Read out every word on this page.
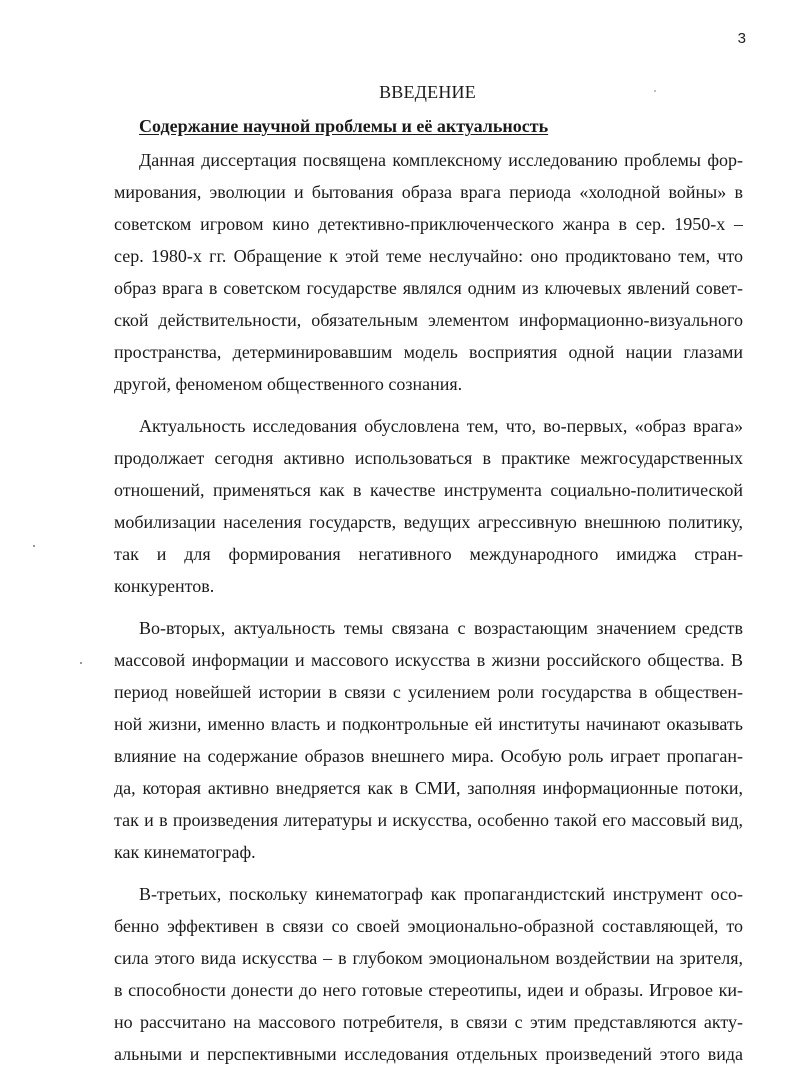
3
ВВЕДЕНИЕ
Содержание научной проблемы и её актуальность
Данная диссертация посвящена комплексному исследованию проблемы фор-
мирования, эволюции и бытования образа врага периода «холодной войны» в
советском игровом кино детективно-приключенческого жанра в сер. 1950-х –
сер. 1980-х гг. Обращение к этой теме неслучайно: оно продиктовано тем, что
образ врага в советском государстве являлся одним из ключевых явлений совет-
ской действительности, обязательным элементом информационно-визуального
пространства, детерминировавшим модель восприятия одной нации глазами
другой, феноменом общественного сознания.
Актуальность исследования обусловлена тем, что, во-первых, «образ врага»
продолжает сегодня активно использоваться в практике межгосударственных
отношений, применяться как в качестве инструмента социально-политической
мобилизации населения государств, ведущих агрессивную внешнюю политику,
так и для формирования негативного международного имиджа стран-
конкурентов.
Во-вторых, актуальность темы связана с возрастающим значением средств
массовой информации и массового искусства в жизни российского общества. В
период новейшей истории в связи с усилением роли государства в обществен-
ной жизни, именно власть и подконтрольные ей институты начинают оказывать
влияние на содержание образов внешнего мира. Особую роль играет пропаган-
да, которая активно внедряется как в СМИ, заполняя информационные потоки,
так и в произведения литературы и искусства, особенно такой его массовый вид,
как кинематограф.
В-третьих, поскольку кинематограф как пропагандистский инструмент осо-
бенно эффективен в связи со своей эмоционально-образной составляющей, то
сила этого вида искусства – в глубоком эмоциональном воздействии на зрителя,
в способности донести до него готовые стереотипы, идеи и образы. Игровое ки-
но рассчитано на массового потребителя, в связи с этим представляются акту-
альными и перспективными исследования отдельных произведений этого вида
